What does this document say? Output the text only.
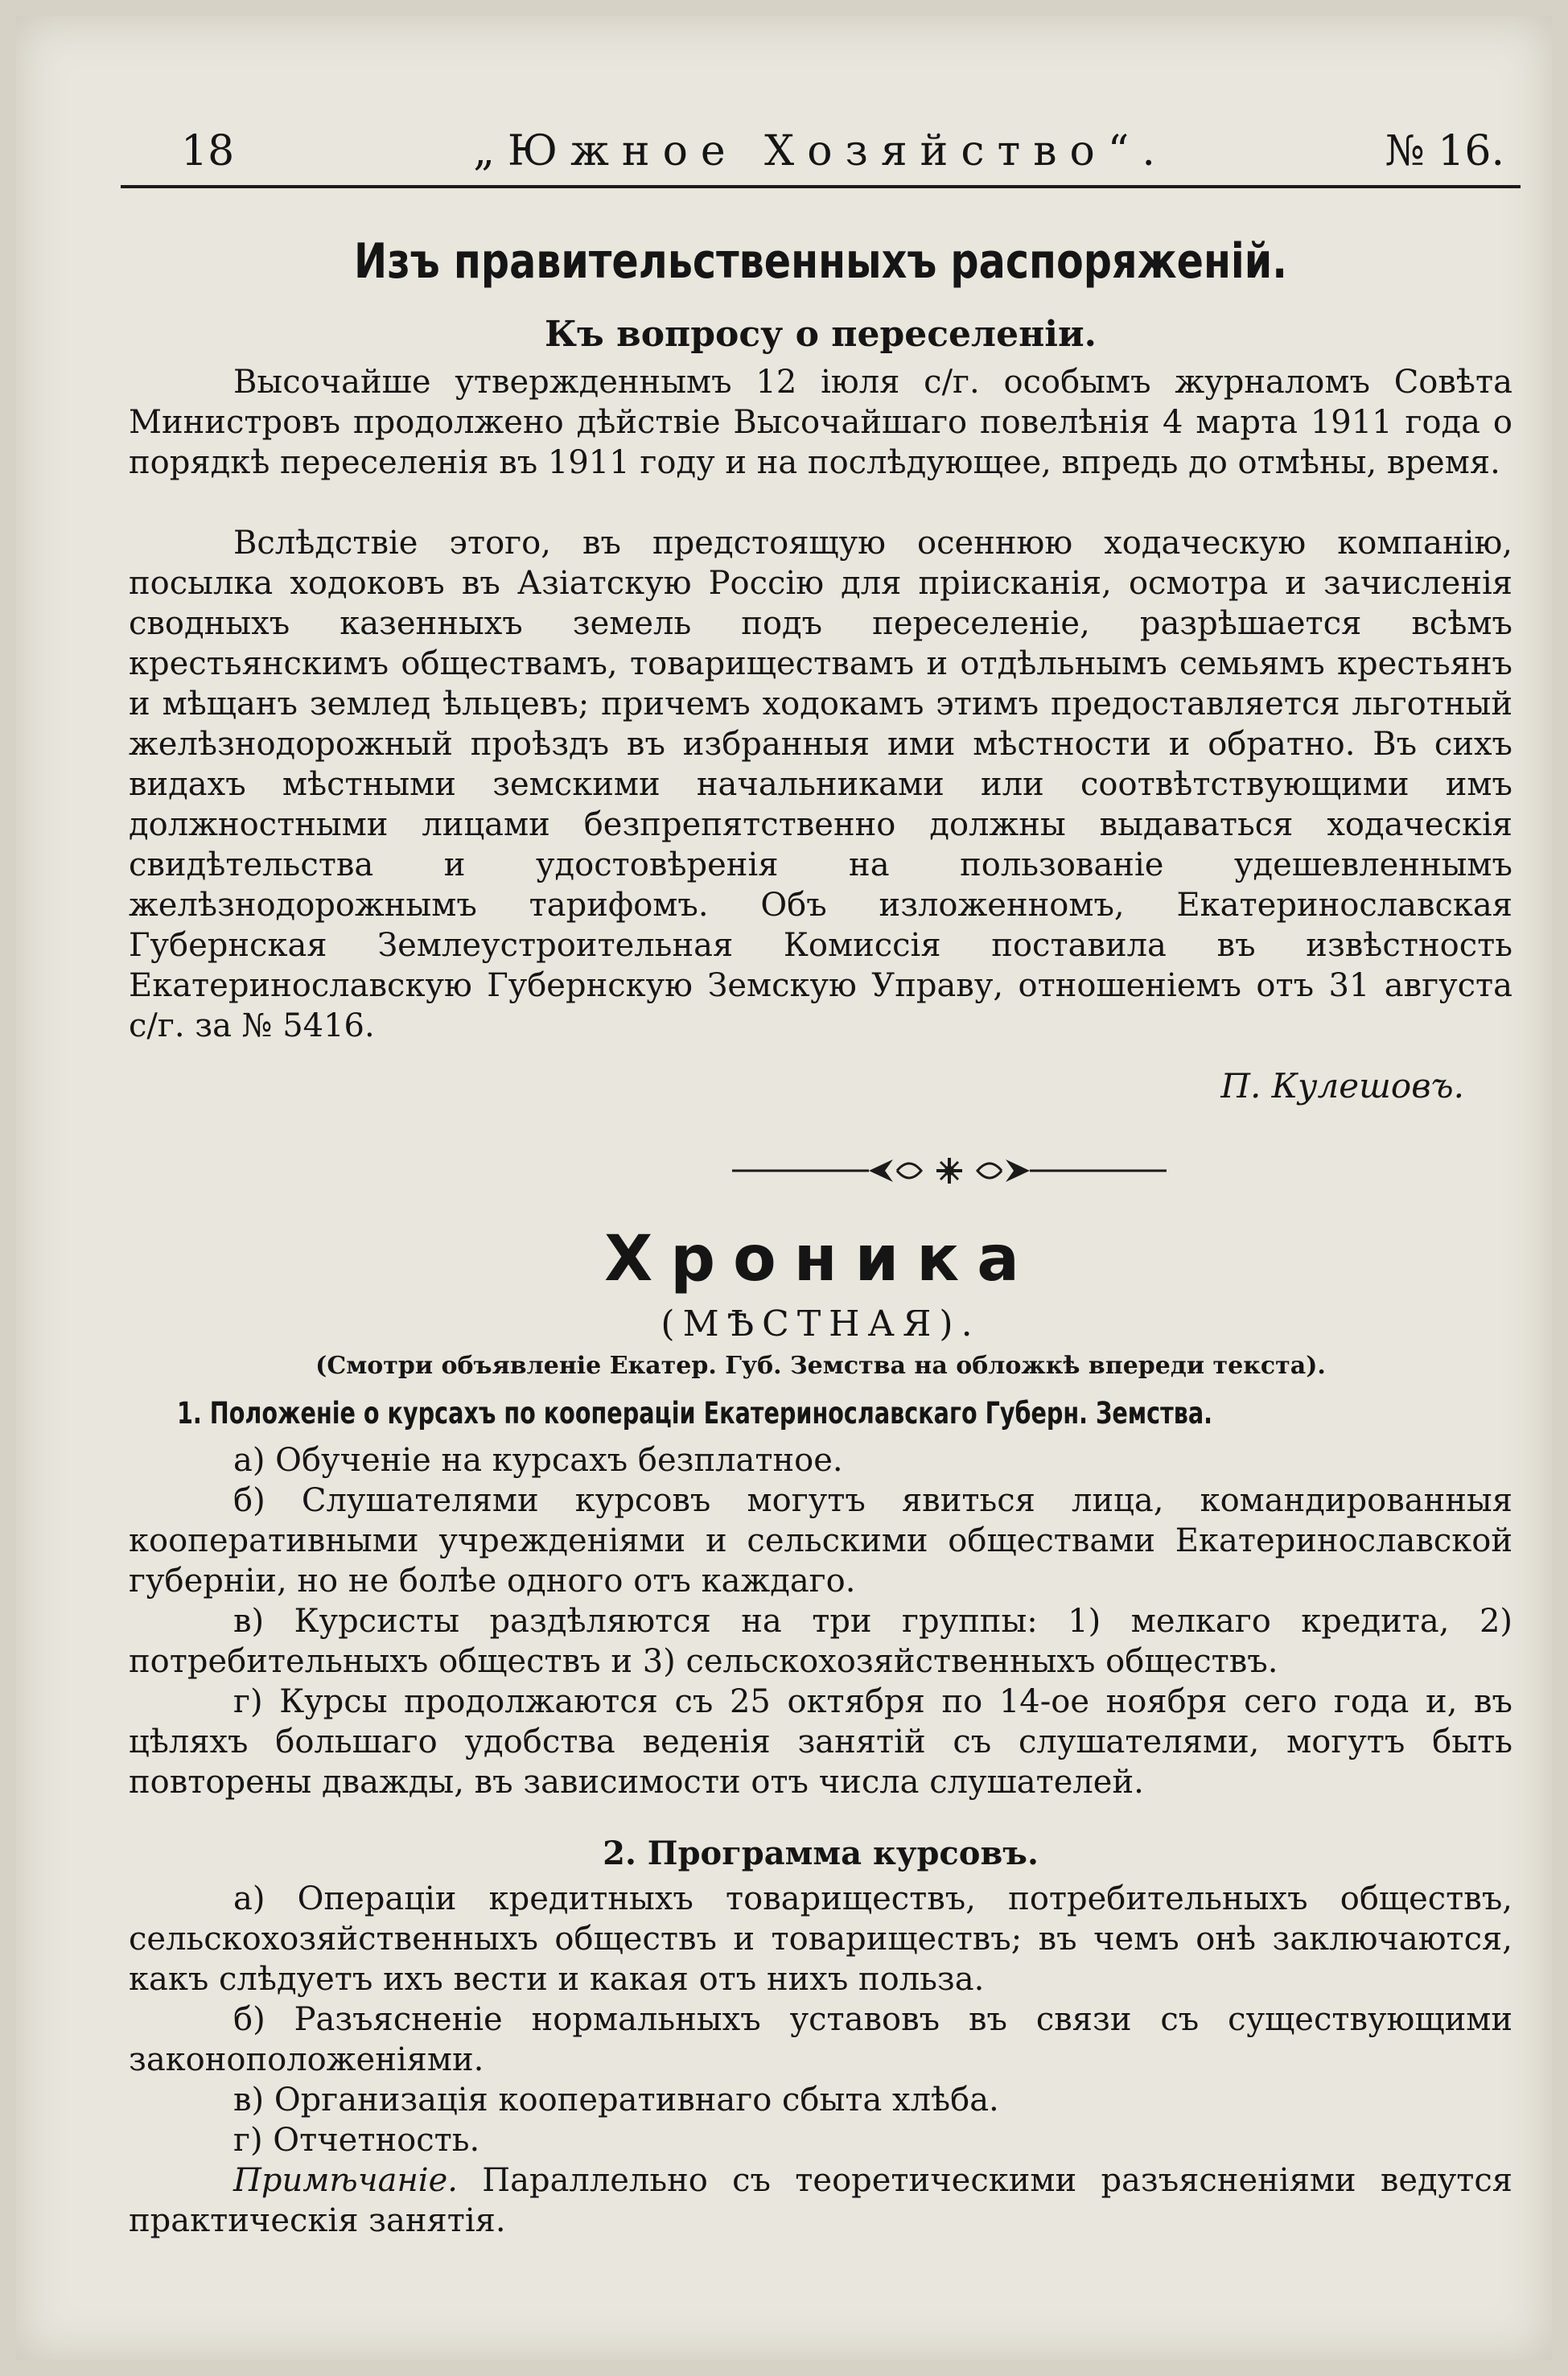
18	„Южное Хозяйство“.	№ 16.
Изъ правительственныхъ распоряженій.
Къ вопросу о переселеніи.
Высочайше утвержденнымъ 12 іюля с/г. особымъ журналомъ Совѣта Министровъ продолжено дѣйствіе Высочайшаго повелѣнія 4 марта 1911 года о порядкѣ переселенія въ 1911 году и на послѣдующее, впредь до отмѣны, время.
Вслѣдствіе этого, въ предстоящую осеннюю ходаческую компанію, посылка ходоковъ въ Азіатскую Россію для пріисканія, осмотра и зачисленія сводныхъ казенныхъ земель подъ переселеніе, разрѣшается всѣмъ крестьянскимъ обществамъ, товариществамъ и отдѣльнымъ семьямъ крестьянъ и мѣщанъ землед ѣльцевъ; причемъ ходокамъ этимъ предоставляется льготный желѣзнодорожный проѣздъ въ избранныя ими мѣстности и обратно. Въ сихъ видахъ мѣстными земскими начальниками или соотвѣтствующими имъ должностными лицами безпрепятственно должны выдаваться ходаческія свидѣтельства и удостовѣренія на пользованіе удешевленнымъ желѣзнодорожнымъ тарифомъ. Объ изложенномъ, Екатеринославская Губернская Землеустроительная Комиссія поставила въ извѣстность Екатеринославскую Губернскую Земскую Управу, отношеніемъ отъ 31 августа с/г. за № 5416.
П. Кулешовъ.
Хроника
(МѢСТНАЯ).
(Смотри объявленіе Екатер. Губ. Земства на обложкѣ впереди текста).
1. Положеніе о курсахъ по кооперацiи Екатеринославскаго Губерн. Земства.
а) Обученіе на курсахъ безплатное.
б) Слушателями курсовъ могутъ явиться лица, командированныя кооперативными учрежденіями и сельскими обществами Екатеринославской губерніи, но не болѣе одного отъ каждаго.
в) Курсисты раздѣляются на три группы: 1) мелкаго кредита, 2) потребительныхъ обществъ и 3) сельскохозяйственныхъ обществъ.
г) Курсы продолжаются съ 25 октября по 14-ое ноября сего года и, въ цѣляхъ большаго удобства веденія занятій съ слушателями, могутъ быть повторены дважды, въ зависимости отъ числа слушателей.
2. Программа курсовъ.
а) Операціи кредитныхъ товариществъ, потребительныхъ обществъ, сельскохозяйственныхъ обществъ и товариществъ; въ чемъ онѣ заключаются, какъ слѣдуетъ ихъ вести и какая отъ нихъ польза.
б) Разъясненіе нормальныхъ уставовъ въ связи съ существующими законоположеніями.
в) Организація кооперативнаго сбыта хлѣба.
г) Отчетность.
Примѣчаніе. Параллельно съ теоретическими разъясненіями ведутся практическія занятія.
